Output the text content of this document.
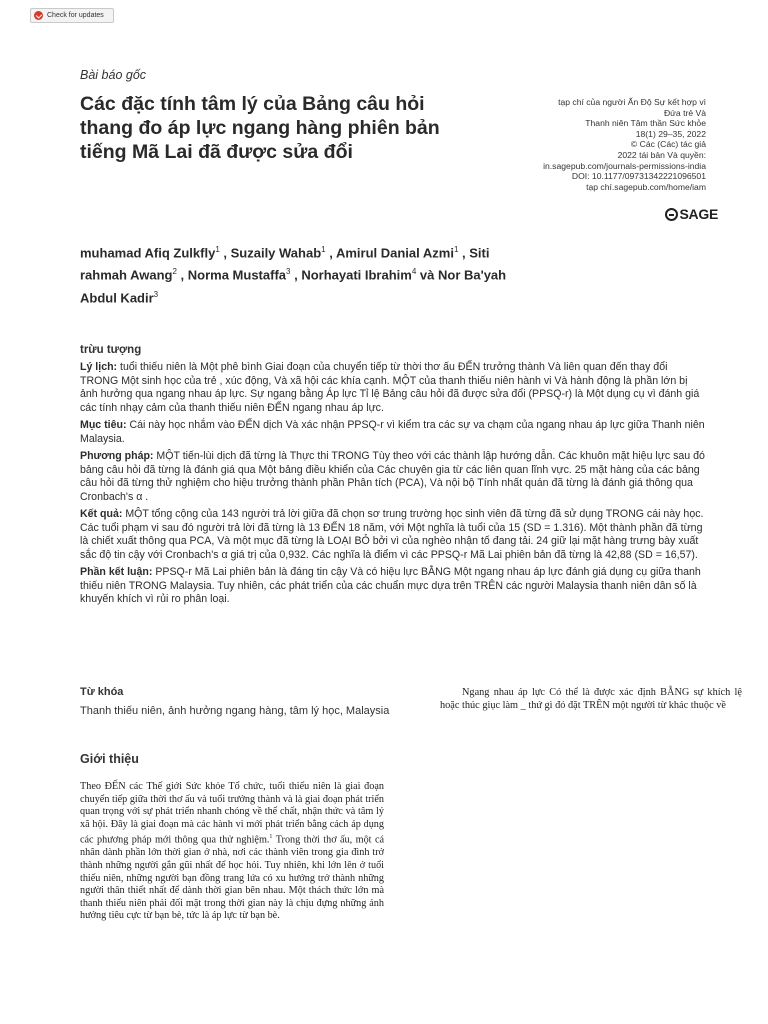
Check for updates
Bài báo gốc
Các đặc tính tâm lý của Bảng câu hỏi thang đo áp lực ngang hàng phiên bản tiếng Mã Lai đã được sửa đổi
tạp chí của người Ấn Độ Sự kết hợp vì
Đứa trẻ Và
Thanh niên Tâm thần Sức khỏe
18(1) 29–35, 2022
© Các (Các) tác giả
2022 tái bản Và quyền:
in.sagepub.com/journals-permissions-india
DOI: 10.1177/09731342221096501
tạp chí.sagepub.com/home/iam
SAGE
muhamad Afiq Zulkfly$^1$ , Suzaily Wahab$^1$ , Amirul Danial Azmi$^1$ , Siti rahmah Awang$^2$ , Norma Mustaffa$^3$ , Norhayati Ibrahim$^4$ và Nor Ba'yah Abdul Kadir$^3$
trừu tượng

Lý lịch: tuổi thiếu niên là Một phê bình Giai đoạn của chuyển tiếp từ thời thơ ấu ĐẾN trưởng thành Và liên quan đến thay đổi TRONG Một sinh học của trẻ , xúc động, Và xã hội các khía cạnh. MỘT của thanh thiếu niên hành vi Và hành động là phần lớn bị ảnh hưởng qua ngang nhau áp lực. Sự ngang bằng Áp lực Tỉ lệ Bảng câu hỏi đã được sửa đổi (PPSQ-r) là Một dụng cụ vì đánh giá các tính nhạy cảm của thanh thiếu niên ĐẾN ngang nhau áp lực.

Mục tiêu: Cái này học nhắm vào ĐẾN dịch Và xác nhận PPSQ-r vì kiểm tra các sự va chạm của ngang nhau áp lực giữa Thanh niên Malaysia.

Phương pháp: MỘT tiến-lùi dịch đã từng là Thực thi TRONG Tùy theo với các thành lập hướng dẫn. Các khuôn mặt hiệu lực sau đó bảng câu hỏi đã từng là đánh giá qua Một bảng điều khiển của Các chuyên gia từ các liên quan lĩnh vực. 25 mặt hàng của các bảng câu hỏi đã từng thử nghiệm cho hiệu trưởng thành phần Phân tích (PCA), Và nội bộ Tính nhất quán đã từng là đánh giá thông qua Cronbach's α .

Kết quả: MỘT tổng cộng của 143 người trả lời giữa đã chọn sơ trung trường học sinh viên đã từng đã sử dụng TRONG cái này học. Các tuổi phạm vi sau đó người trả lời đã từng là 13 ĐẾN 18 năm, với Một nghĩa là tuổi của 15 (SD = 1.316). Một thành phần đã từng là chiết xuất thông qua PCA, Và một mục đã từng là LOẠI BỎ bởi vì của nghèo nhận tố đang tải. 24 giữ lại mặt hàng trưng bày xuất sắc độ tin cậy với Cronbach's α giá trị của 0,932. Các nghĩa là điểm vì các PPSQ-r Mã Lai phiên bản đã từng là 42,88 (SD = 16,57).

Phần kết luận: PPSQ-r Mã Lai phiên bản là đáng tin cậy Và có hiệu lực BẰNG Một ngang nhau áp lực đánh giá dụng cụ giữa thanh thiếu niên TRONG Malaysia. Tuy nhiên, các phát triển của các chuẩn mực dựa trên TRÊN các người Malaysia thanh niên dân số là khuyến khích vì rủi ro phân loại.

Từ khóa
Thanh thiếu niên, ảnh hưởng ngang hàng, tâm lý học, Malaysia
Ngang nhau áp lực Có thể là được xác định BẰNG sự khích lệ hoặc thúc giục làm _ thứ gì đó đặt TRÊN một người từ khác thuộc về
Giới thiệu

Theo ĐẾN các Thế giới Sức khỏe Tổ chức, tuổi thiếu niên là giai đoạn chuyển tiếp giữa thời thơ ấu và tuổi trưởng thành và là giai đoạn phát triển quan trọng với sự phát triển nhanh chóng về thể chất, nhận thức và tâm lý xã hội. Đây là giai đoạn mà các hành vi mới phát triển bằng cách áp dụng các phương pháp mới thông qua thử nghiệm.$^1$ Trong thời thơ ấu, một cá nhân dành phần lớn thời gian ở nhà, nơi các thành viên trong gia đình trở thành những người gắn gũi nhất để học hỏi. Tuy nhiên, khi lớn lên ở tuổi thiếu niên, những người bạn đồng trang lứa có xu hướng trở thành những người thân thiết nhất để dành thời gian bên nhau. Một thách thức lớn mà thanh thiếu niên phải đối mặt trong thời gian này là chịu đựng những ảnh hưởng tiêu cực từ bạn bè, tức là áp lực từ bạn bè.
